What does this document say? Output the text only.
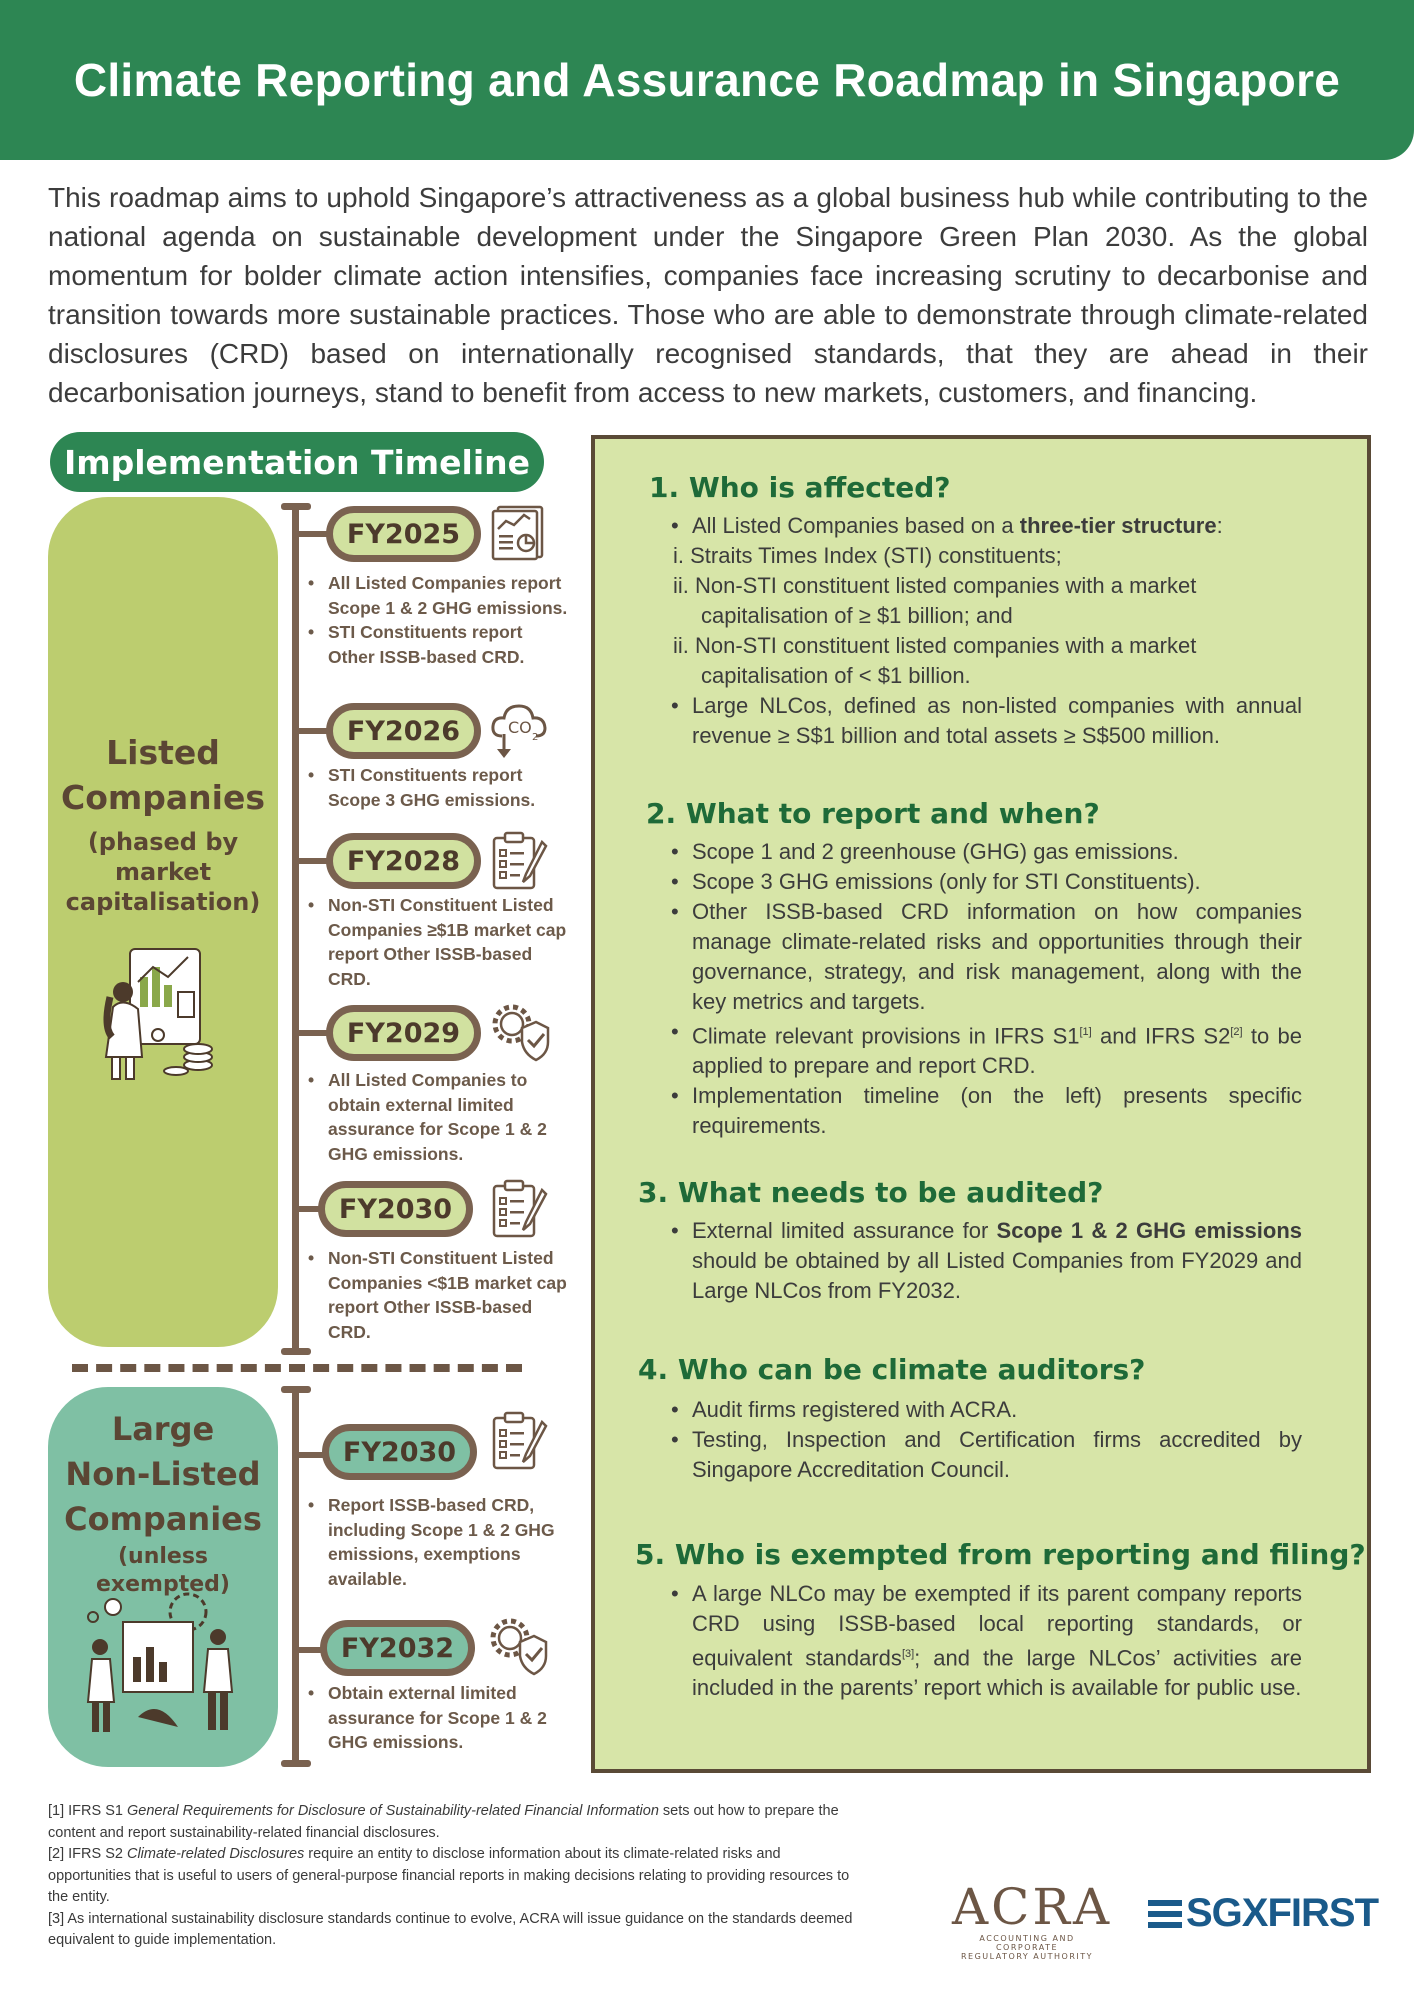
Climate Reporting and Assurance Roadmap in Singapore

This roadmap aims to uphold Singapore’s attractiveness as a global business hub while contributing to the national agenda on sustainable development under the Singapore Green Plan 2030. As the global momentum for bolder climate action intensifies, companies face increasing scrutiny to decarbonise and transition towards more sustainable practices. Those who are able to demonstrate through climate-related disclosures (CRD) based on internationally recognised standards, that they are ahead in their decarbonisation journeys, stand to benefit from access to new markets, customers, and financing.

Implementation Timeline
Listed
Companies
(phased by
market
capitalisation)
Large
Non-Listed
Companies
(unless exempted)
FY2025
• All Listed Companies report Scope 1 & 2 GHG emissions.
• STI Constituents report Other ISSB-based CRD.
FY2026	CO
2
• STI Constituents report Scope 3 GHG emissions.
FY2028
• Non-STI Constituent Listed Companies ≥$1B market cap report Other ISSB-based CRD.
FY2029
• All Listed Companies to obtain external limited assurance for Scope 1 & 2 GHG emissions.
FY2030
• Non-STI Constituent Listed Companies <$1B market cap report Other ISSB-based CRD.
FY2030
• Report ISSB-based CRD, including Scope 1 & 2 GHG emissions, exemptions available.
FY2032
• Obtain external limited assurance for Scope 1 & 2 GHG emissions.
1. Who is affected?
• All Listed Companies based on a three-tier structure:
i. Straits Times Index (STI) constituents;
ii. Non-STI constituent listed companies with a market capitalisation of ≥ $1 billion; and
ii. Non-STI constituent listed companies with a market capitalisation of < $1 billion.
• Large NLCos, defined as non-listed companies with annual revenue ≥ S$1 billion and total assets ≥ S$500 million.
2. What to report and when?
• Scope 1 and 2 greenhouse (GHG) gas emissions.
• Scope 3 GHG emissions (only for STI Constituents).
• Other ISSB-based CRD information on how companies manage climate-related risks and opportunities through their governance, strategy, and risk management, along with the key metrics and targets.
• Climate relevant provisions in IFRS S1[1] and IFRS S2[2] to be applied to prepare and report CRD.
• Implementation timeline (on the left) presents specific requirements.
3. What needs to be audited?
• External limited assurance for Scope 1 & 2 GHG emissions should be obtained by all Listed Companies from FY2029 and Large NLCos from FY2032.
4. Who can be climate auditors?
• Audit firms registered with ACRA.
• Testing, Inspection and Certification firms accredited by Singapore Accreditation Council.
5. Who is exempted from reporting and filing?
• A large NLCo may be exempted if its parent company reports CRD using ISSB-based local reporting standards, or equivalent standards[3]; and the large NLCos’ activities are included in the parents’ report which is available for public use.

[1] IFRS S1 General Requirements for Disclosure of Sustainability-related Financial Information sets out how to prepare the content and report sustainability-related financial disclosures.

[2] IFRS S2 Climate-related Disclosures require an entity to disclose information about its climate-related risks and opportunities that is useful to users of general-purpose financial reports in making decisions relating to providing resources to the entity.

[3] As international sustainability disclosure standards continue to evolve, ACRA will issue guidance on the standards deemed equivalent to guide implementation.

ACRA
ACCOUNTING AND CORPORATE
REGULATORY AUTHORITY
SGXFIRST
